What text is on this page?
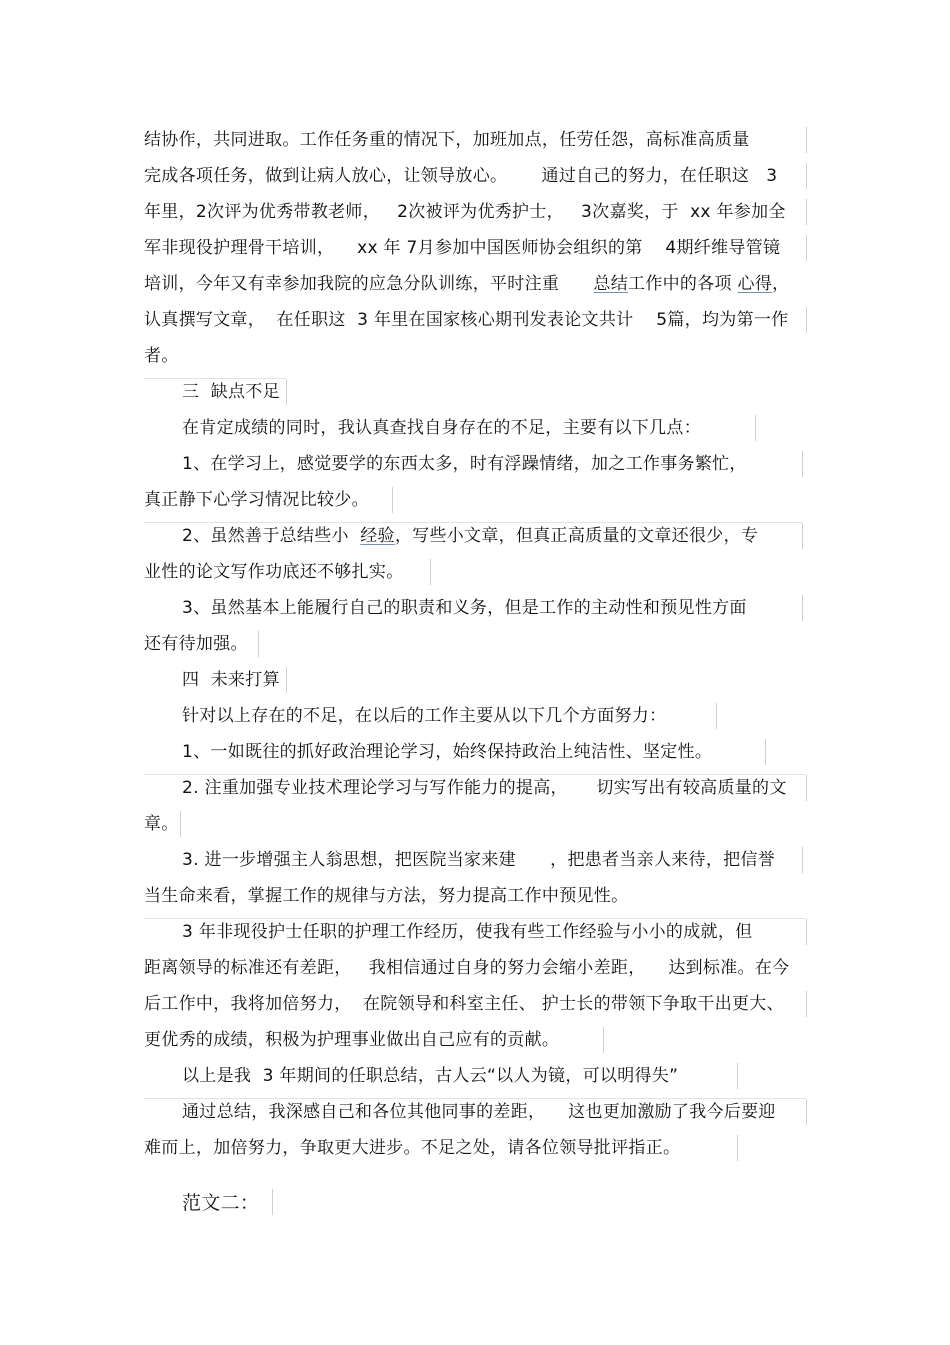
结协作，共同进取。工作任务重的情况下，加班加点，任劳任怨，高标准高质量
完成各项任务，做到让病人放心，让领导放心。      通过自己的努力，在任职这   3
年里，2次评为优秀带教老师，   2次被评为优秀护士，   3次嘉奖，于  xx 年参加全
军非现役护理骨干培训，    xx 年 7月参加中国医师协会组织的第    4期纤维导管镜
培训，今年又有幸参加我院的应急分队训练，平时注重      总结工作中的各项 心得，
认真撰写文章，  在任职这  3 年里在国家核心期刊发表论文共计    5篇，均为第一作
者。
三  缺点不足
在肯定成绩的同时，我认真查找自身存在的不足，主要有以下几点：
1、在学习上，感觉要学的东西太多，时有浮躁情绪，加之工作事务繁忙，
真正静下心学习情况比较少。
2、虽然善于总结些小  经验，写些小文章，但真正高质量的文章还很少，专
业性的论文写作功底还不够扎实。
3、虽然基本上能履行自己的职责和义务，但是工作的主动性和预见性方面
还有待加强。
四  未来打算
针对以上存在的不足，在以后的工作主要从以下几个方面努力：
1、一如既往的抓好政治理论学习，始终保持政治上纯洁性、坚定性。
2. 注重加强专业技术理论学习与写作能力的提高，     切实写出有较高质量的文
章。
3. 进一步增强主人翁思想，把医院当家来建      ，把患者当亲人来待，把信誉
当生命来看，掌握工作的规律与方法，努力提高工作中预见性。
3 年非现役护士任职的护理工作经历，使我有些工作经验与小小的成就，但
距离领导的标准还有差距，   我相信通过自身的努力会缩小差距，    达到标准。在今
后工作中，我将加倍努力，  在院领导和科室主任、 护士长的带领下争取干出更大、
更优秀的成绩，积极为护理事业做出自己应有的贡献。
以上是我  3 年期间的任职总结，古人云“以人为镜，可以明得失”
通过总结，我深感自己和各位其他同事的差距，    这也更加激励了我今后要迎
难而上，加倍努力，争取更大进步。不足之处，请各位领导批评指正。
范文二：
